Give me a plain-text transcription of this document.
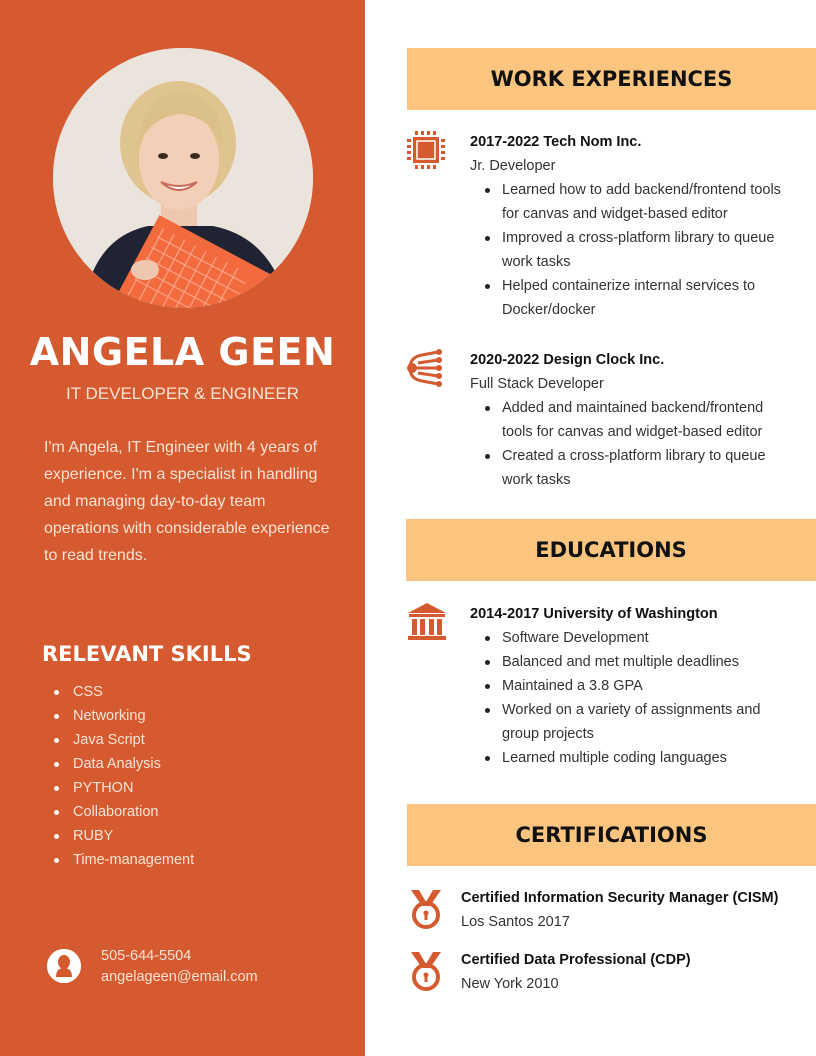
ANGELA GEEN
IT DEVELOPER & ENGINEER
I'm Angela, IT Engineer with 4 years of experience. I'm a specialist in handling and managing day-to-day team operations with considerable experience to read trends.
RELEVANT SKILLS
CSS
Networking
Java Script
Data Analysis
PYTHON
Collaboration
RUBY
Time-management
505-644-5504
angelageen@email.com
WORK EXPERIENCES
2017-2022 Tech Nom Inc.
Jr. Developer
Learned how to add backend/frontend tools for canvas and widget-based editor
Improved a cross-platform library to queue work tasks
Helped containerize internal services to Docker/docker
2020-2022 Design Clock Inc.
Full Stack Developer
Added and maintained backend/frontend tools for canvas and widget-based editor
Created a cross-platform library to queue work tasks
EDUCATIONS
2014-2017 University of Washington
Software Development
Balanced and met multiple deadlines
Maintained a 3.8 GPA
Worked on a variety of assignments and group projects
Learned multiple coding languages
CERTIFICATIONS
Certified Information Security Manager (CISM)
Los Santos 2017
Certified Data Professional (CDP)
New York 2010
